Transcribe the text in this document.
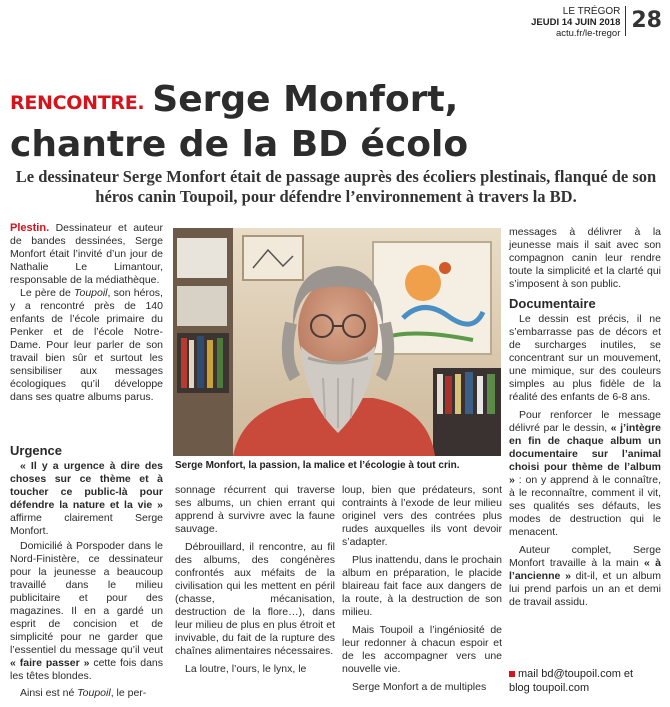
LE TRÉGOR
JEUDI 14 JUIN 2018
actu.fr/le-tregor
28
RENCONTRE. Serge Monfort,
chantre de la BD écolo
Le dessinateur Serge Monfort était de passage auprès des écoliers plestinais, flanqué de son héros canin Toupoil, pour défendre l’environnement à travers la BD.

Plestin. Dessinateur et auteur de bandes dessinées, Serge Monfort était l’invité d’un jour de Nathalie Le Limantour, responsable de la médiathèque.

Le père de Toupoil, son héros, y a rencontré près de 140 enfants de l’école primaire du Penker et de l’école Notre-Dame. Pour leur parler de son travail bien sûr et surtout les sensibiliser aux messages écologiques qu’il développe dans ses quatre albums parus.

Urgence

« Il y a urgence à dire des choses sur ce thème et à toucher ce public-là pour défendre la nature et la vie » affirme clairement Serge Monfort.

Domicilié à Porspoder dans le Nord-Finistère, ce dessinateur pour la jeunesse a beaucoup travaillé dans le milieu publicitaire et pour des magazines. Il en a gardé un esprit de concision et de simplicité pour ne garder que l’essentiel du message qu’il veut « faire passer » cette fois dans les têtes blondes.

Ainsi est né Toupoil, le per-

Serge Monfort, la passion, la malice et l’écologie à tout crin.

sonnage récurrent qui traverse ses albums, un chien errant qui apprend à survivre avec la faune sauvage.

Débrouillard, il rencontre, au fil des albums, des congénères confrontés aux méfaits de la civilisation qui les mettent en péril (chasse, mécanisation, destruction de la flore…), dans leur milieu de plus en plus étroit et invivable, du fait de la rupture des chaînes alimentaires nécessaires.

La loutre, l’ours, le lynx, le

loup, bien que prédateurs, sont contraints à l’exode de leur milieu originel vers des contrées plus rudes auxquelles ils vont devoir s’adapter.

Plus inattendu, dans le prochain album en préparation, le placide blaireau fait face aux dangers de la route, à la destruction de son milieu.

Mais Toupoil a l’ingéniosité de leur redonner à chacun espoir et de les accompagner vers une nouvelle vie.

Serge Monfort a de multiples

messages à délivrer à la jeunesse mais il sait avec son compagnon canin leur rendre toute la simplicité et la clarté qui s’imposent à son public.

Documentaire

Le dessin est précis, il ne s’embarrasse pas de décors et de surcharges inutiles, se concentrant sur un mouvement, une mimique, sur des couleurs simples au plus fidèle de la réalité des enfants de 6-8 ans.

Pour renforcer le message délivré par le dessin, « j’intègre en fin de chaque album un documentaire sur l’animal choisi pour thème de l’album » : on y apprend à le connaître, à le reconnaître, comment il vit, ses qualités ses défauts, les modes de destruction qui le menacent.

Auteur complet, Serge Monfort travaille à la main « à l’ancienne » dit-il, et un album lui prend parfois un an et demi de travail assidu.

mail bd@toupoil.com et
blog toupoil.com
